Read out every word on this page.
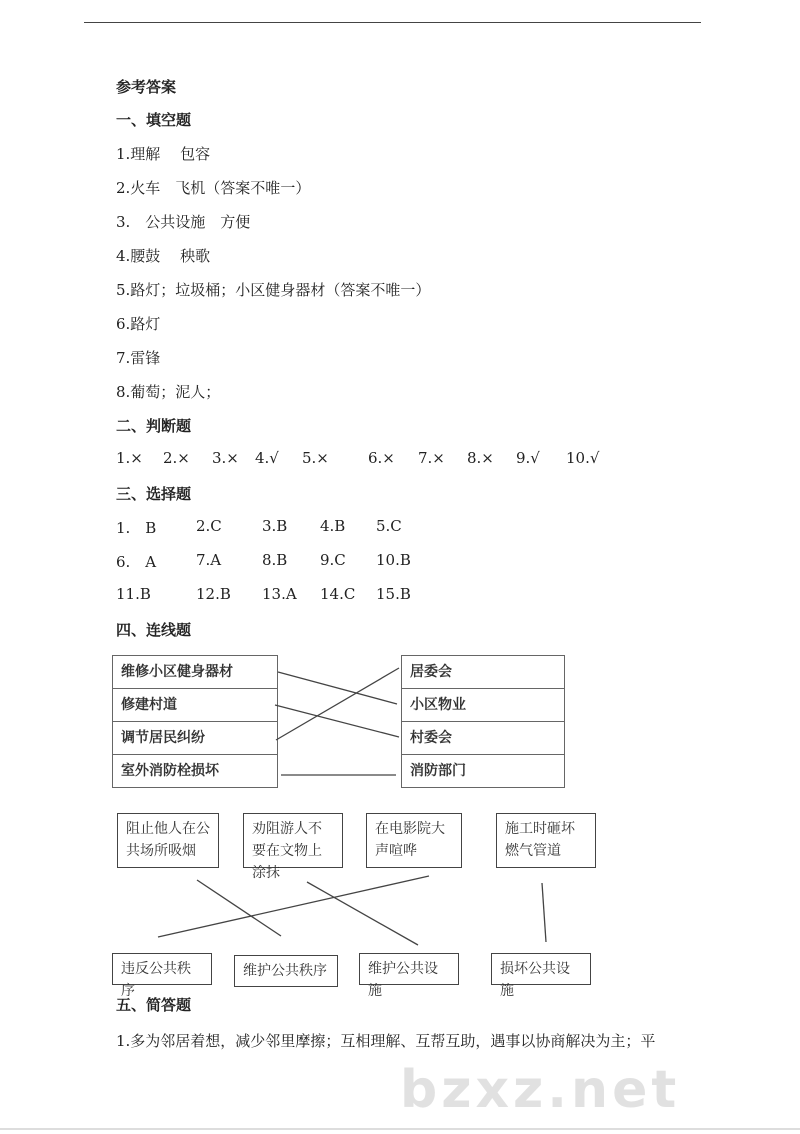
参考答案
一、填空题
1.理解　 包容
2.火车　飞机（答案不唯一）
3.　公共设施　方便
4.腰鼓　 秧歌
5.路灯；垃圾桶；小区健身器材（答案不唯一）
6.路灯
7.雷锋
8.葡萄；泥人；
二、判断题
1.× 2.× 3.× 4.√ 5.×	6.× 7.× 8.× 9.√ 10.√
三、选择题
1.　B	2.C	3.B 4.B 5.C
6.　A	7.A	8.B 9.C 10.B
11.B	12.B 13.A 14.C 15.B
四、连线题
维修小区健身器材
修建村道
调节居民纠纷
室外消防栓损坏
居委会
小区物业
村委会
消防部门
阻止他人在公共场所吸烟
劝阻游人不要在文物上涂抹
在电影院大声喧哗
施工时砸坏燃气管道
违反公共秩序
维护公共秩序	维护公共设施
损坏公共设施
五、简答题
1.多为邻居着想，减少邻里摩擦；互相理解、互帮互助，遇事以协商解决为主；平
bzxz.net
